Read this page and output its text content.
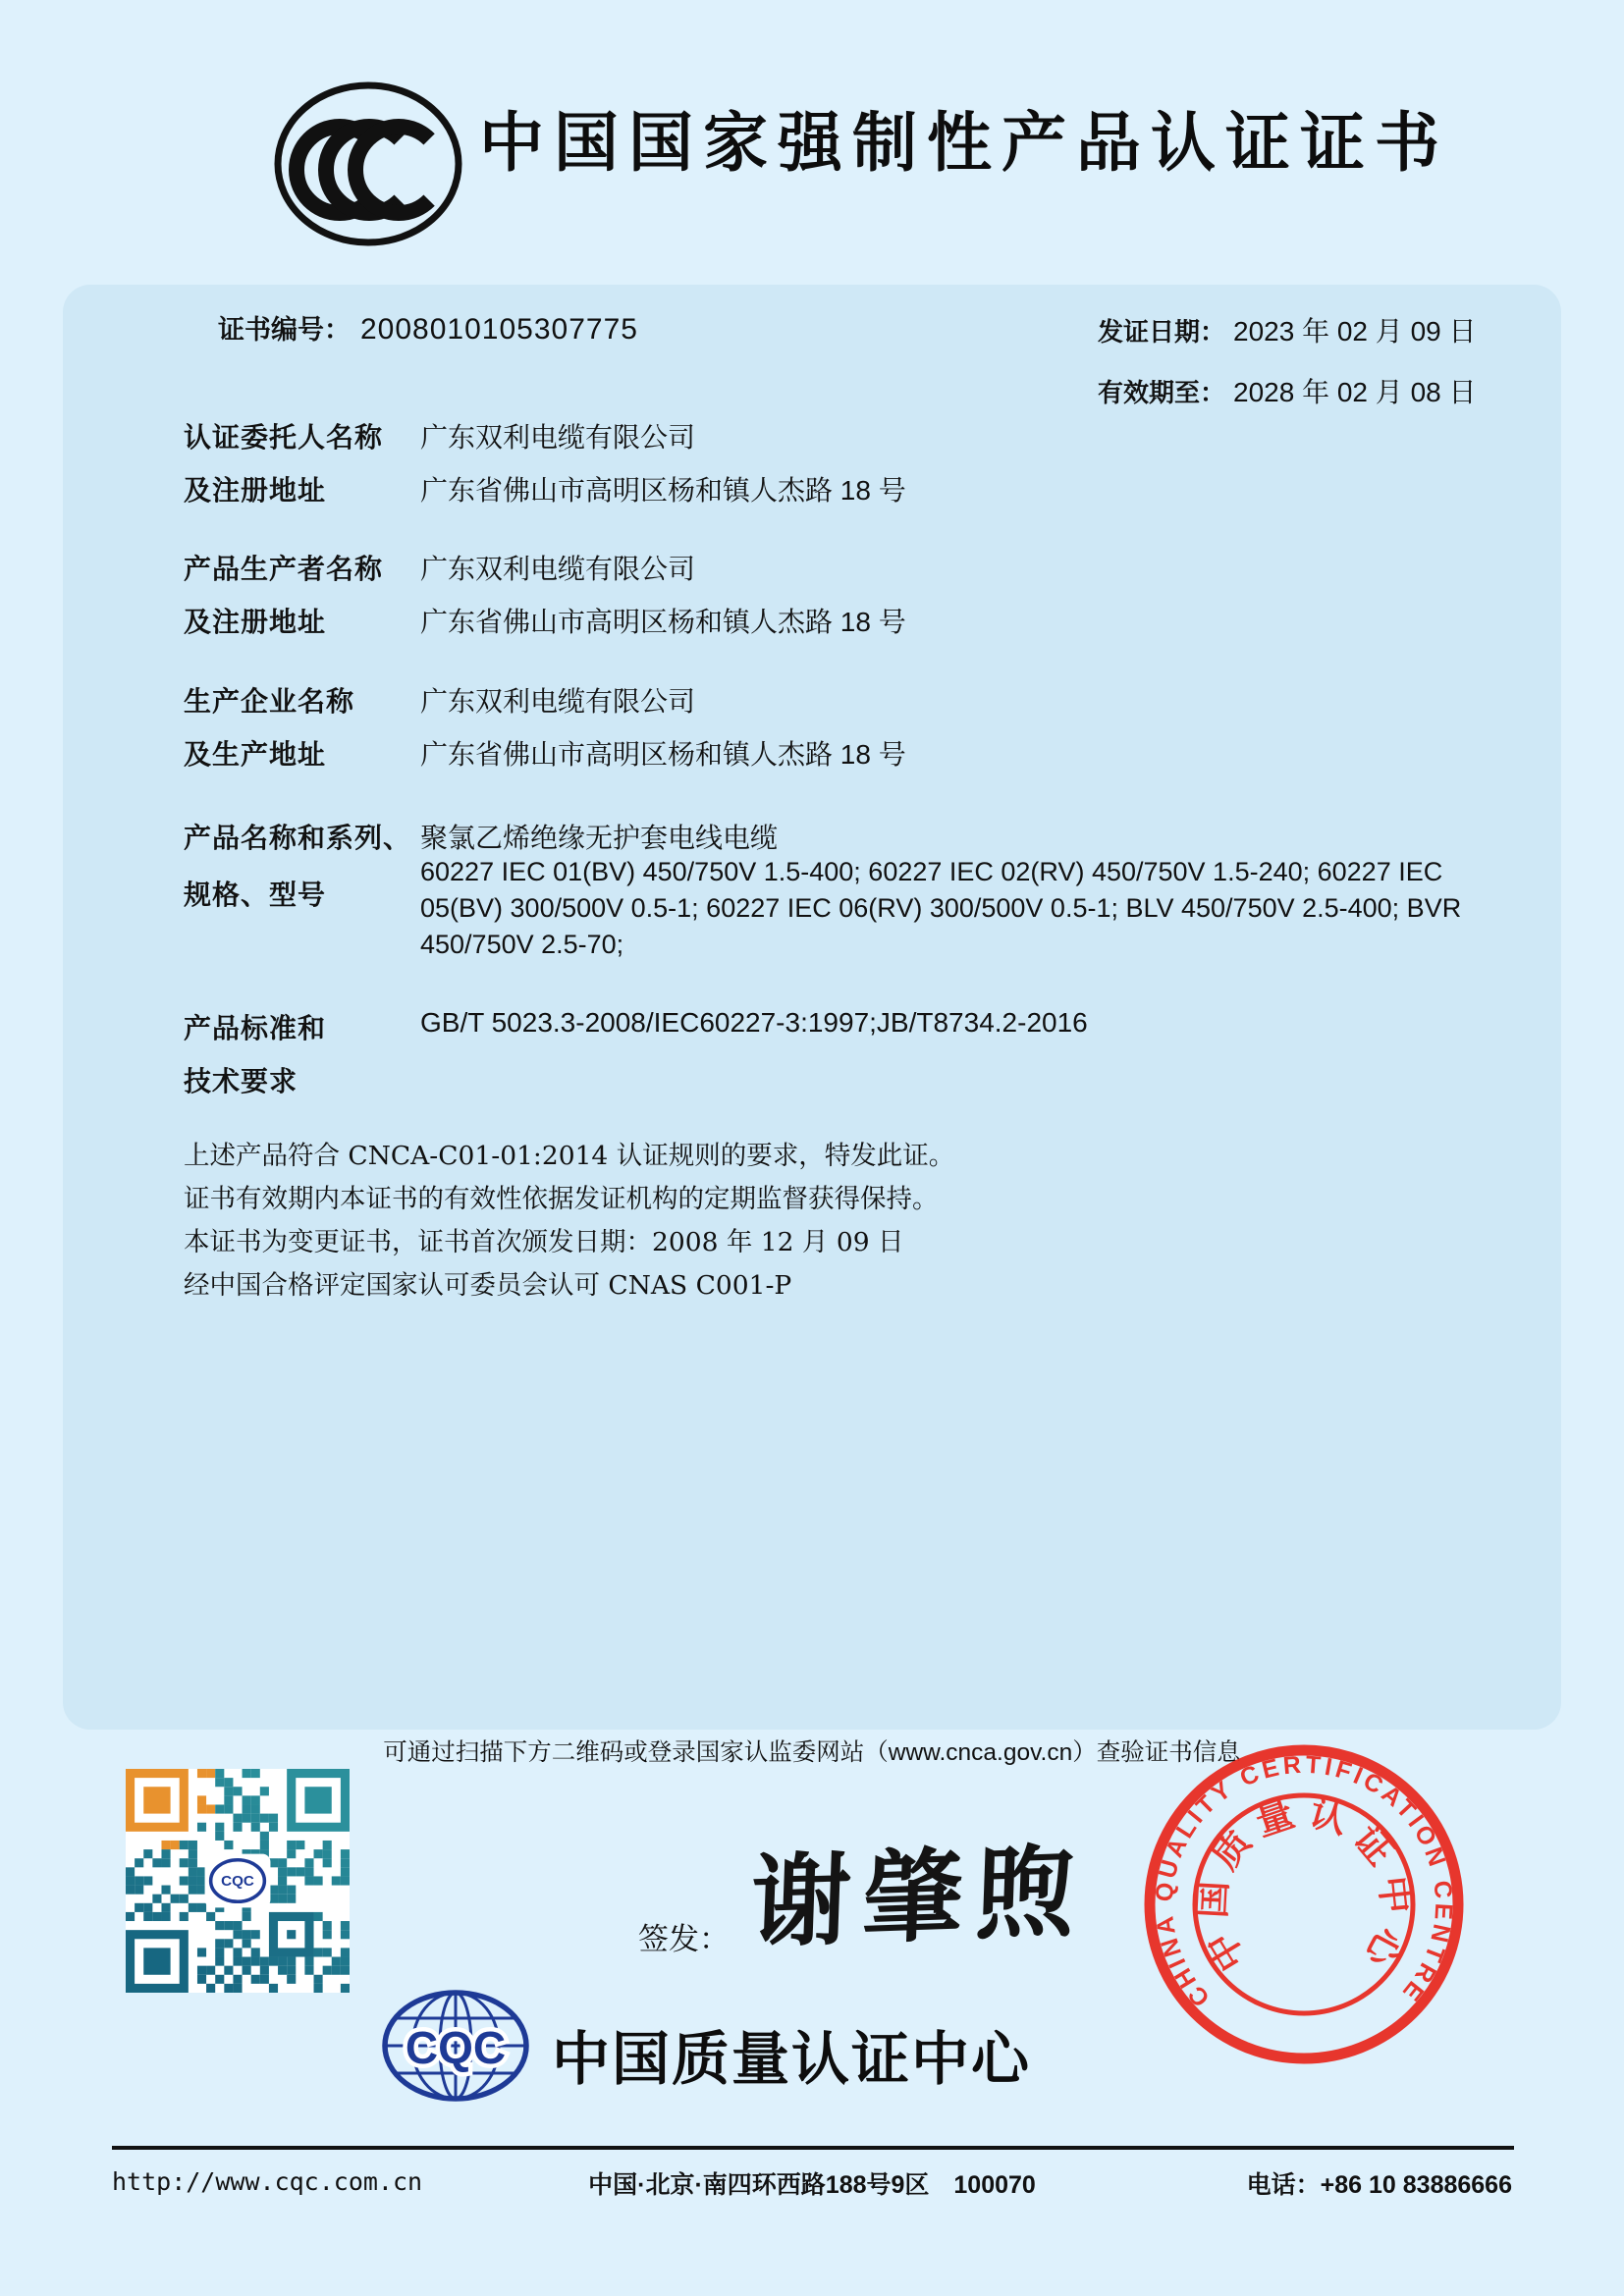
中国国家强制性产品认证证书
证书编号： 2008010105307775	发证日期： 2023 年 02 月 09 日
有效期至： 2028 年 02 月 08 日
认证委托人名称 广东双利电缆有限公司
及注册地址	广东省佛山市高明区杨和镇人杰路 18 号
产品生产者名称 广东双利电缆有限公司
及注册地址	广东省佛山市高明区杨和镇人杰路 18 号
生产企业名称 广东双利电缆有限公司
及生产地址	广东省佛山市高明区杨和镇人杰路 18 号
产品名称和系列、 聚氯乙烯绝缘无护套电线电缆
规格、型号
60227 IEC 01(BV) 450/750V 1.5-400; 60227 IEC 02(RV) 450/750V 1.5-240; 60227 IEC 05(BV) 300/500V 0.5-1; 60227 IEC 06(RV) 300/500V 0.5-1; BLV 450/750V 2.5-400; BVR 450/750V 2.5-70;
产品标准和	GB/T 5023.3-2008/IEC60227-3:1997;JB/T8734.2-2016
技术要求
上述产品符合 CNCA-C01-01:2014 认证规则的要求，特发此证。
证书有效期内本证书的有效性依据发证机构的定期监督获得保持。
本证书为变更证书，证书首次颁发日期：2008 年 12 月 09 日
经中国合格评定国家认可委员会认可 CNAS C001-P
可通过扫描下方二维码或登录国家认监委网站（www.cnca.gov.cn）查验证书信息
CQC
签发： 谢肇煦
CQC 中国质量认证中心
CHINA QUALITY CERTIFICATION CENTRE
中国质量认证中心
http://www.cqc.com.cn	中国·北京·南四环西路188号9区　100070	电话：+86 10 83886666
